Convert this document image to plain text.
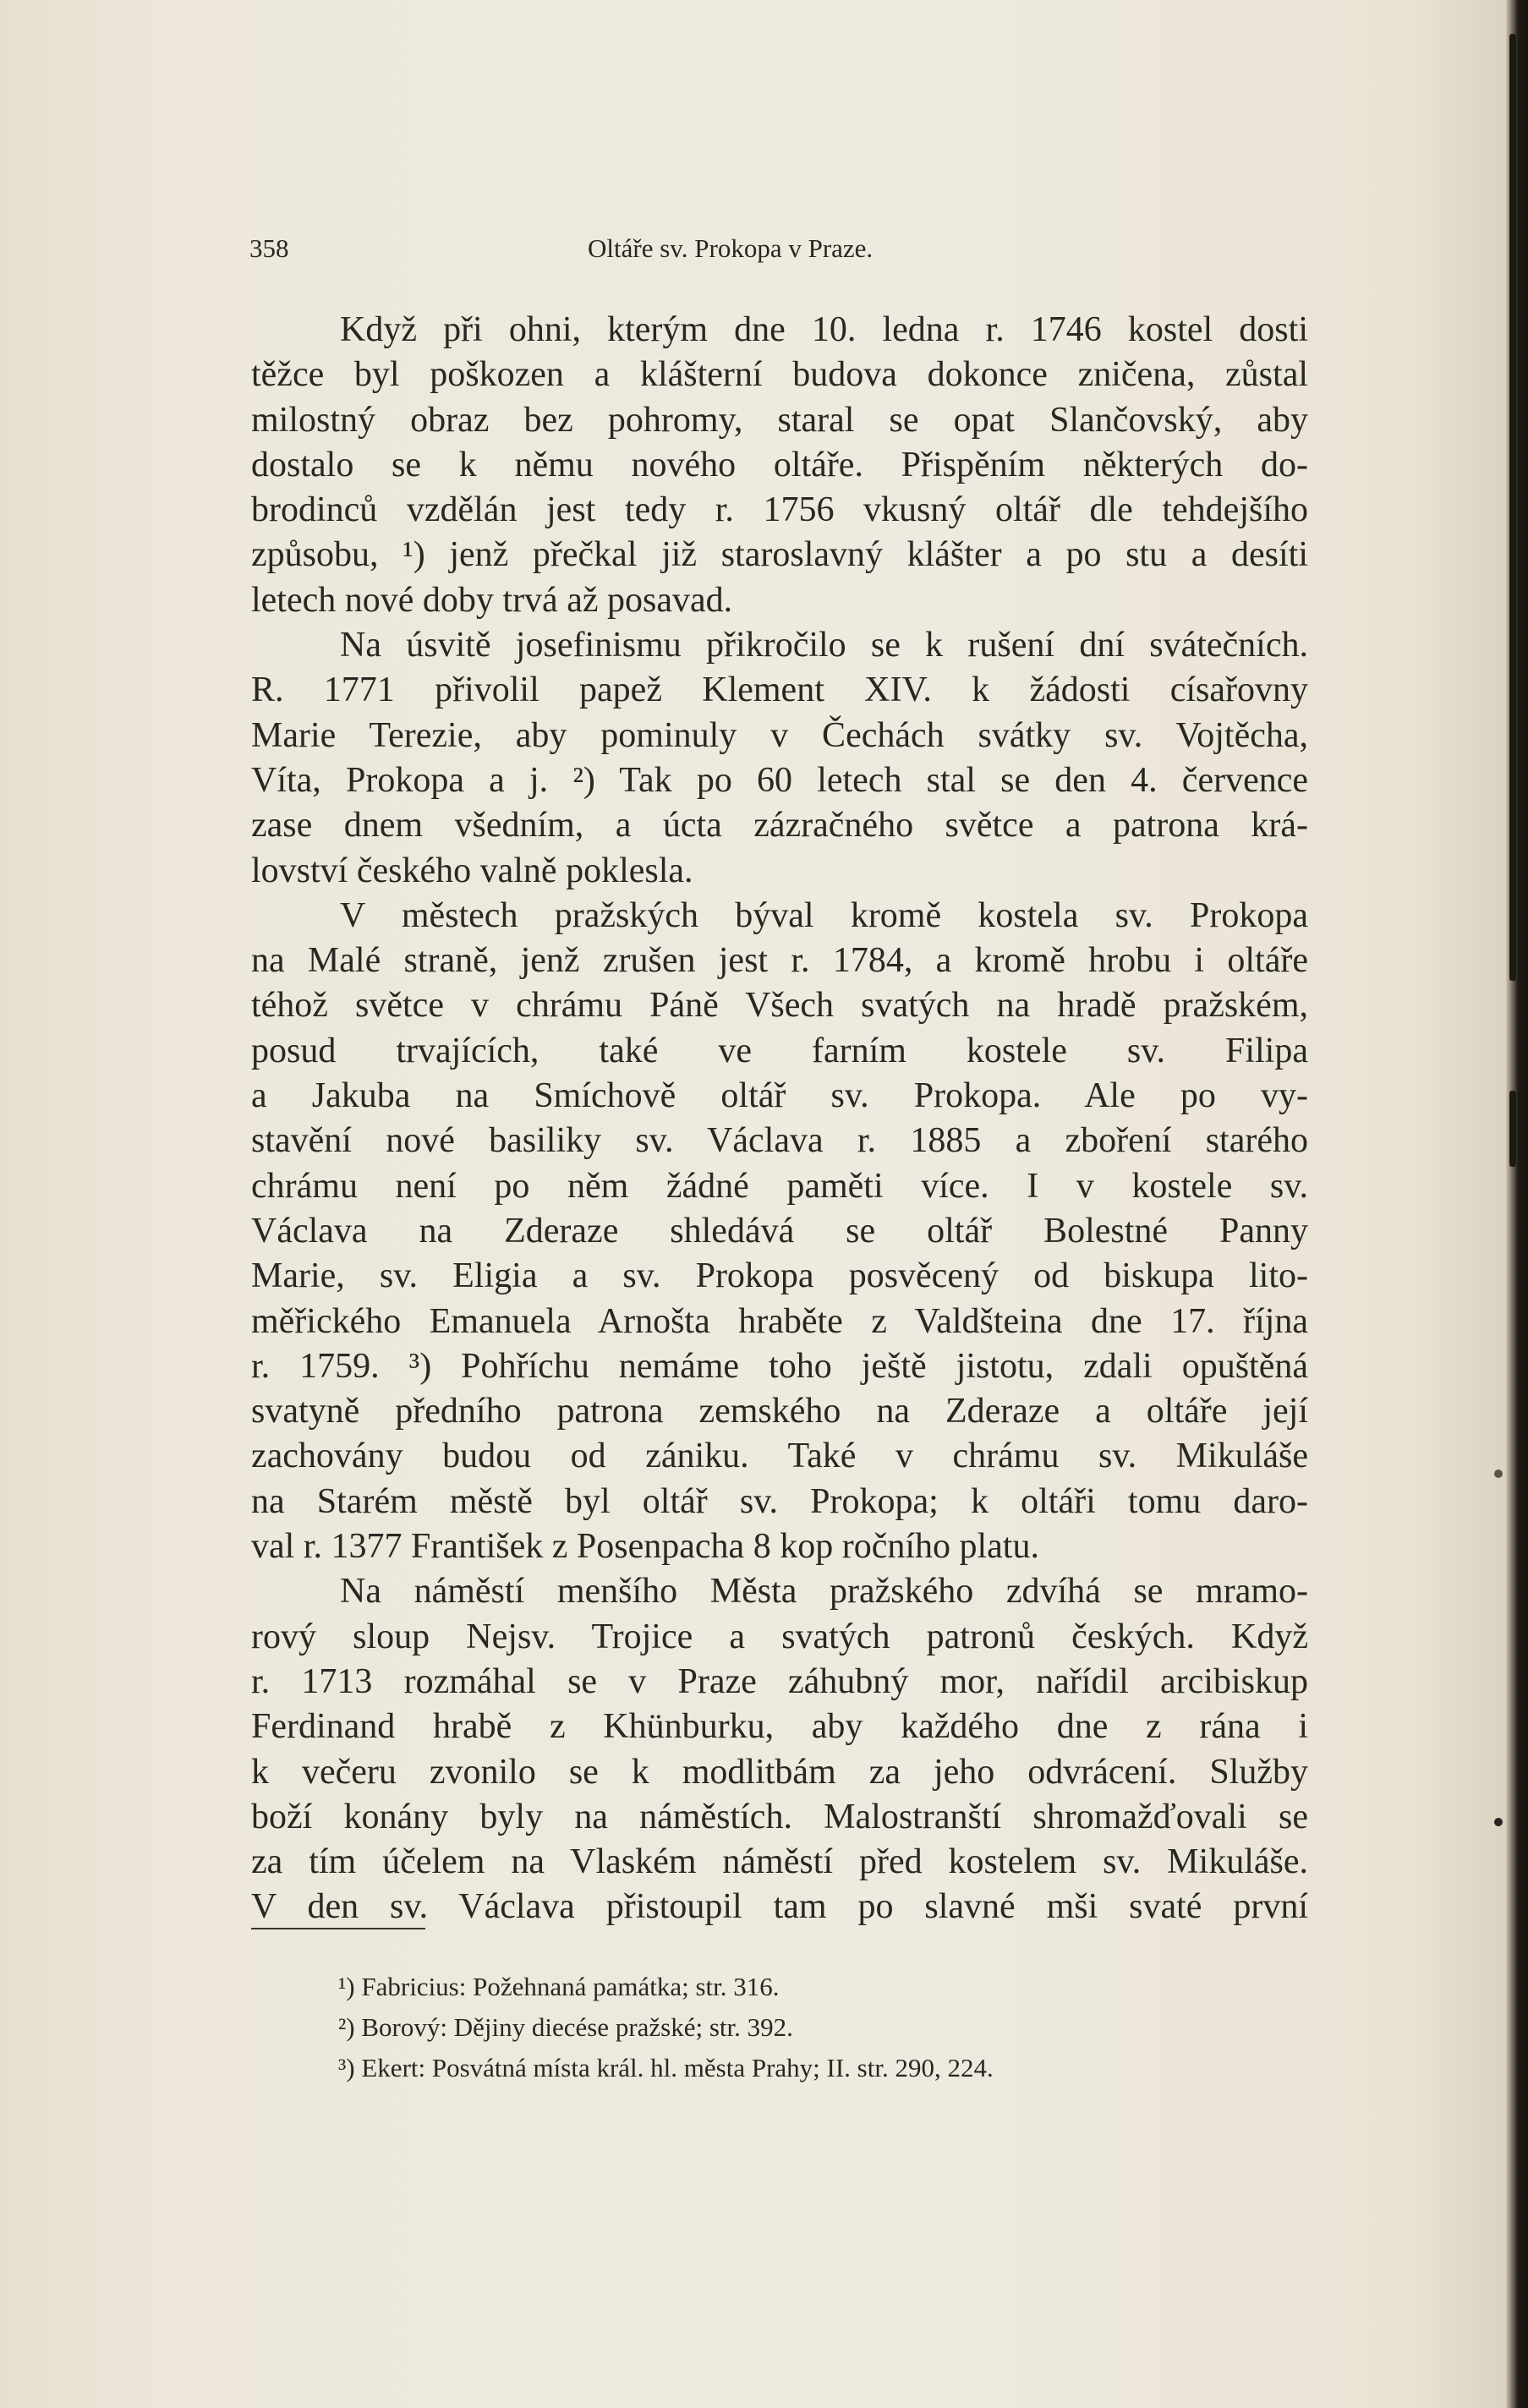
358	Oltáře sv. Prokopa v Praze.
Když při ohni, kterým dne 10. ledna r. 1746 kostel dosti
těžce byl poškozen a klášterní budova dokonce zničena, zůstal
milostný obraz bez pohromy, staral se opat Slančovský, aby
dostalo se k němu nového oltáře. Přispěním některých do-
brodinců vzdělán jest tedy r. 1756 vkusný oltář dle tehdejšího
způsobu, ¹) jenž přečkal již staroslavný klášter a po stu a desíti
letech nové doby trvá až posavad.
Na úsvitě josefinismu přikročilo se k rušení dní svátečních.
R. 1771 přivolil papež Klement XIV. k žádosti císařovny
Marie Terezie, aby pominuly v Čechách svátky sv. Vojtěcha,
Víta, Prokopa a j. ²) Tak po 60 letech stal se den 4. července
zase dnem všedním, a úcta zázračného světce a patrona krá-
lovství českého valně poklesla.
V městech pražských býval kromě kostela sv. Prokopa
na Malé straně, jenž zrušen jest r. 1784, a kromě hrobu i oltáře
téhož světce v chrámu Páně Všech svatých na hradě pražském,
posud trvajících, také ve farním kostele sv. Filipa
a Jakuba na Smíchově oltář sv. Prokopa. Ale po vy-
stavění nové basiliky sv. Václava r. 1885 a zboření starého
chrámu není po něm žádné paměti více. I v kostele sv.
Václava na Zderaze shledává se oltář Bolestné Panny
Marie, sv. Eligia a sv. Prokopa posvěcený od biskupa lito-
měřického Emanuela Arnošta hraběte z Valdšteina dne 17. října
r. 1759. ³) Pohříchu nemáme toho ještě jistotu, zdali opuštěná
svatyně předního patrona zemského na Zderaze a oltáře její
zachovány budou od zániku. Také v chrámu sv. Mikuláše
na Starém městě byl oltář sv. Prokopa; k oltáři tomu daro-
val r. 1377 František z Posenpacha 8 kop ročního platu.
Na náměstí menšího Města pražského zdvíhá se mramo-
rový sloup Nejsv. Trojice a svatých patronů českých. Když
r. 1713 rozmáhal se v Praze záhubný mor, nařídil arcibiskup
Ferdinand hrabě z Khünburku, aby každého dne z rána i
k večeru zvonilo se k modlitbám za jeho odvrácení. Služby
boží konány byly na náměstích. Malostranští shromažďovali se
za tím účelem na Vlaském náměstí před kostelem sv. Mikuláše.
V den sv. Václava přistoupil tam po slavné mši svaté první
¹) Fabricius: Požehnaná památka; str. 316.
²) Borový: Dějiny diecése pražské; str. 392.
³) Ekert: Posvátná místa král. hl. města Prahy; II. str. 290, 224.
